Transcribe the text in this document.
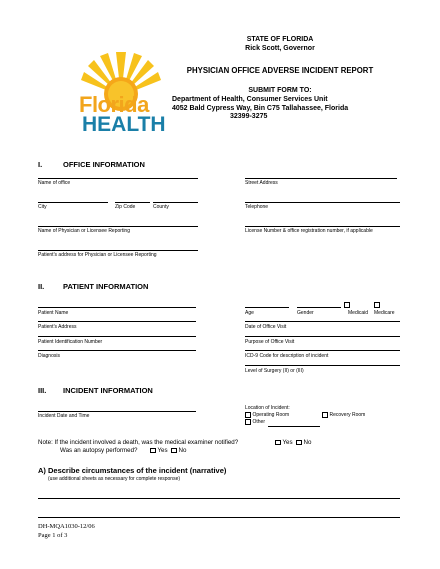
Florida
HEALTH
STATE OF FLORIDA
Rick Scott, Governor
PHYSICIAN OFFICE ADVERSE INCIDENT REPORT
SUBMIT FORM TO:
Department of Health, Consumer Services Unit
4052 Bald Cypress Way, Bin C75 Tallahassee, Florida
32399-3275
I.	OFFICE INFORMATION
Name of office	Street Address
City	Zip Code	County	Telephone
Name of Physician or Licensee Reporting	License Number & office registration number, if applicable
Patient's address for Physician or Licensee Reporting
II. PATIENT INFORMATION
Patient Name	Age	Gender	Medicaid Medicare
Patient's Address	Date of Office Visit
Patient Identification Number	Purpose of Office Visit
Diagnosis	ICD-9 Code for description of incident
Level of Surgery (II) or (III)
III. INCIDENT INFORMATION
Incident Date and Time
Location of Incident:
Operating Room	Recovery Room
Other
Note: If the incident involved a death, was the medical examiner notified?	Yes	No
Was an autopsy performed?	Yes	No
A) Describe circumstances of the incident (narrative)
(use additional sheets as necessary for complete response)
DH-MQA1030-12/06
Page 1 of 3
